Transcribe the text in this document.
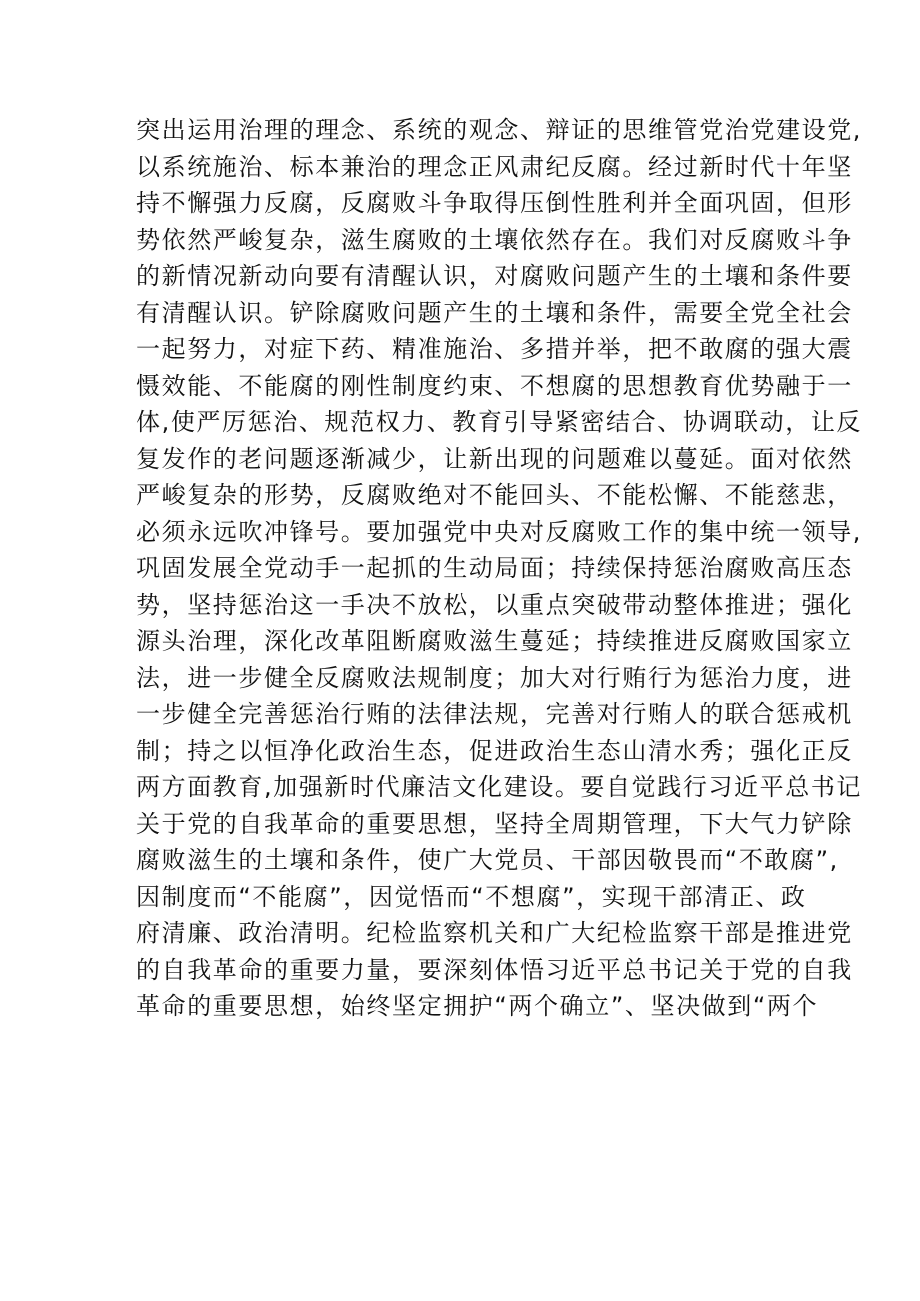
突出运用治理的理念、系统的观念、辩证的思维管党治党建设党,
以系统施治、标本兼治的理念正风肃纪反腐。经过新时代十年坚
持不懈强力反腐，反腐败斗争取得压倒性胜利并全面巩固，但形
势依然严峻复杂，滋生腐败的土壤依然存在。我们对反腐败斗争
的新情况新动向要有清醒认识，对腐败问题产生的土壤和条件要
有清醒认识。铲除腐败问题产生的土壤和条件，需要全党全社会
一起努力，对症下药、精准施治、多措并举，把不敢腐的强大震
慑效能、不能腐的刚性制度约束、不想腐的思想教育优势融于一
体,使严厉惩治、规范权力、教育引导紧密结合、协调联动，让反
复发作的老问题逐渐减少，让新出现的问题难以蔓延。面对依然
严峻复杂的形势，反腐败绝对不能回头、不能松懈、不能慈悲，
必须永远吹冲锋号。要加强党中央对反腐败工作的集中统一领导,
巩固发展全党动手一起抓的生动局面；持续保持惩治腐败高压态
势，坚持惩治这一手决不放松，以重点突破带动整体推进；强化
源头治理，深化改革阻断腐败滋生蔓延；持续推进反腐败国家立
法，进一步健全反腐败法规制度；加大对行贿行为惩治力度，进
一步健全完善惩治行贿的法律法规，完善对行贿人的联合惩戒机
制；持之以恒净化政治生态，促进政治生态山清水秀；强化正反
两方面教育,加强新时代廉洁文化建设。要自觉践行习近平总书记
关于党的自我革命的重要思想，坚持全周期管理，下大气力铲除
腐败滋生的土壤和条件，使广大党员、干部因敬畏而“不敢腐”,
因制度而“不能腐”，因觉悟而“不想腐”，实现干部清正、政
府清廉、政治清明。纪检监察机关和广大纪检监察干部是推进党
的自我革命的重要力量，要深刻体悟习近平总书记关于党的自我
革命的重要思想，始终坚定拥护“两个确立”、坚决做到“两个
